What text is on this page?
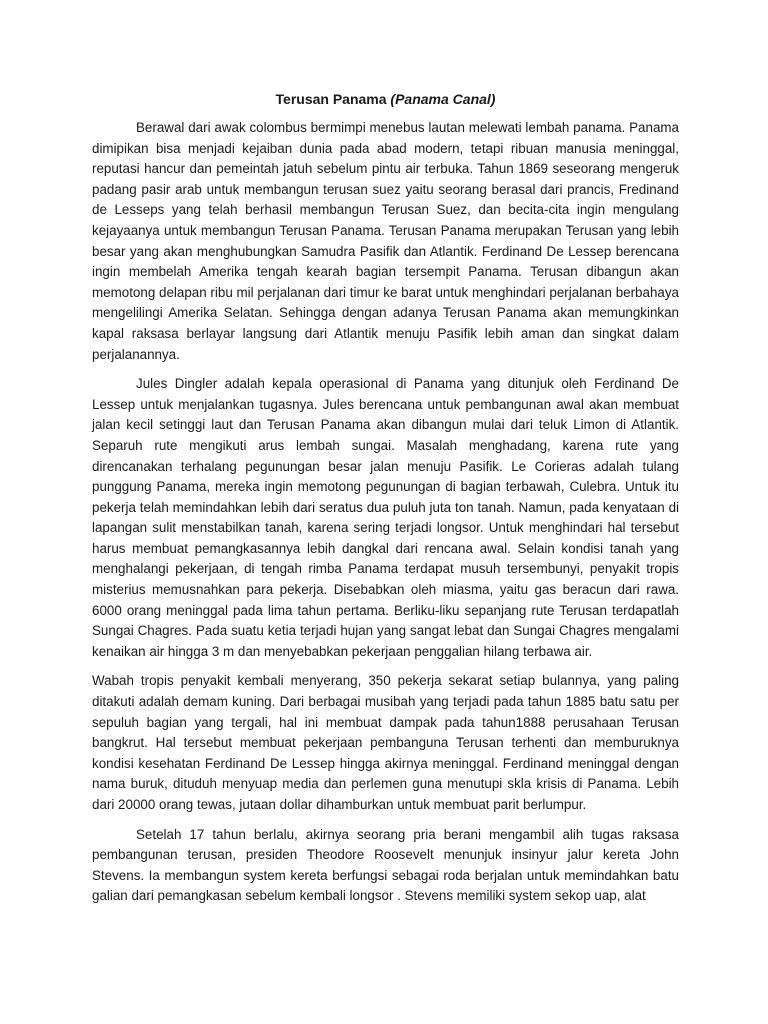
Terusan Panama (Panama Canal)

Berawal dari awak colombus bermimpi menebus lautan melewati lembah panama. Panama dimipikan bisa menjadi kejaiban dunia pada abad modern, tetapi ribuan manusia meninggal, reputasi hancur dan pemeintah jatuh sebelum pintu air terbuka. Tahun 1869 seseorang mengeruk padang pasir arab untuk membangun terusan suez yaitu seorang berasal dari prancis, Fredinand de Lesseps yang telah berhasil membangun Terusan Suez, dan becita-cita ingin mengulang kejayaanya untuk membangun Terusan Panama. Terusan Panama merupakan Terusan yang lebih besar yang akan menghubungkan Samudra Pasifik dan Atlantik. Ferdinand De Lessep berencana ingin membelah Amerika tengah kearah bagian tersempit Panama. Terusan dibangun akan memotong delapan ribu mil perjalanan dari timur ke barat untuk menghindari perjalanan berbahaya mengelilingi Amerika Selatan. Sehingga dengan adanya Terusan Panama akan memungkinkan kapal raksasa berlayar langsung dari Atlantik menuju Pasifik lebih aman dan singkat dalam perjalanannya.

Jules Dingler adalah kepala operasional di Panama yang ditunjuk oleh Ferdinand De Lessep untuk menjalankan tugasnya. Jules berencana untuk pembangunan awal akan membuat jalan kecil setinggi laut dan Terusan Panama akan dibangun mulai dari teluk Limon di Atlantik. Separuh rute mengikuti arus lembah sungai. Masalah menghadang, karena rute yang direncanakan terhalang pegunungan besar jalan menuju Pasifik. Le Corieras adalah tulang punggung Panama, mereka ingin memotong pegunungan di bagian terbawah, Culebra. Untuk itu pekerja telah memindahkan lebih dari seratus dua puluh juta ton tanah. Namun, pada kenyataan di lapangan sulit menstabilkan tanah, karena sering terjadi longsor. Untuk menghindari hal tersebut harus membuat pemangkasannya lebih dangkal dari rencana awal. Selain kondisi tanah yang menghalangi pekerjaan, di tengah rimba Panama terdapat musuh tersembunyi, penyakit tropis misterius memusnahkan para pekerja. Disebabkan oleh miasma, yaitu gas beracun dari rawa. 6000 orang meninggal pada lima tahun pertama. Berliku-liku sepanjang rute Terusan terdapatlah Sungai Chagres. Pada suatu ketia terjadi hujan yang sangat lebat dan Sungai Chagres mengalami kenaikan air hingga 3 m dan menyebabkan pekerjaan penggalian hilang terbawa air.

Wabah tropis penyakit kembali menyerang, 350 pekerja sekarat setiap bulannya, yang paling ditakuti adalah demam kuning. Dari berbagai musibah yang terjadi pada tahun 1885 batu satu per sepuluh bagian yang tergali, hal ini membuat dampak pada tahun1888 perusahaan Terusan bangkrut. Hal tersebut membuat pekerjaan pembanguna Terusan terhenti dan memburuknya kondisi kesehatan Ferdinand De Lessep hingga akirnya meninggal. Ferdinand meninggal dengan nama buruk, dituduh menyuap media dan perlemen guna menutupi skla krisis di Panama. Lebih dari 20000 orang tewas, jutaan dollar dihamburkan untuk membuat parit berlumpur.

Setelah 17 tahun berlalu, akirnya seorang pria berani mengambil alih tugas raksasa pembangunan terusan, presiden Theodore Roosevelt menunjuk insinyur jalur kereta John Stevens. Ia membangun system kereta berfungsi sebagai roda berjalan untuk memindahkan batu galian dari pemangkasan sebelum kembali longsor . Stevens memiliki system sekop uap, alat
